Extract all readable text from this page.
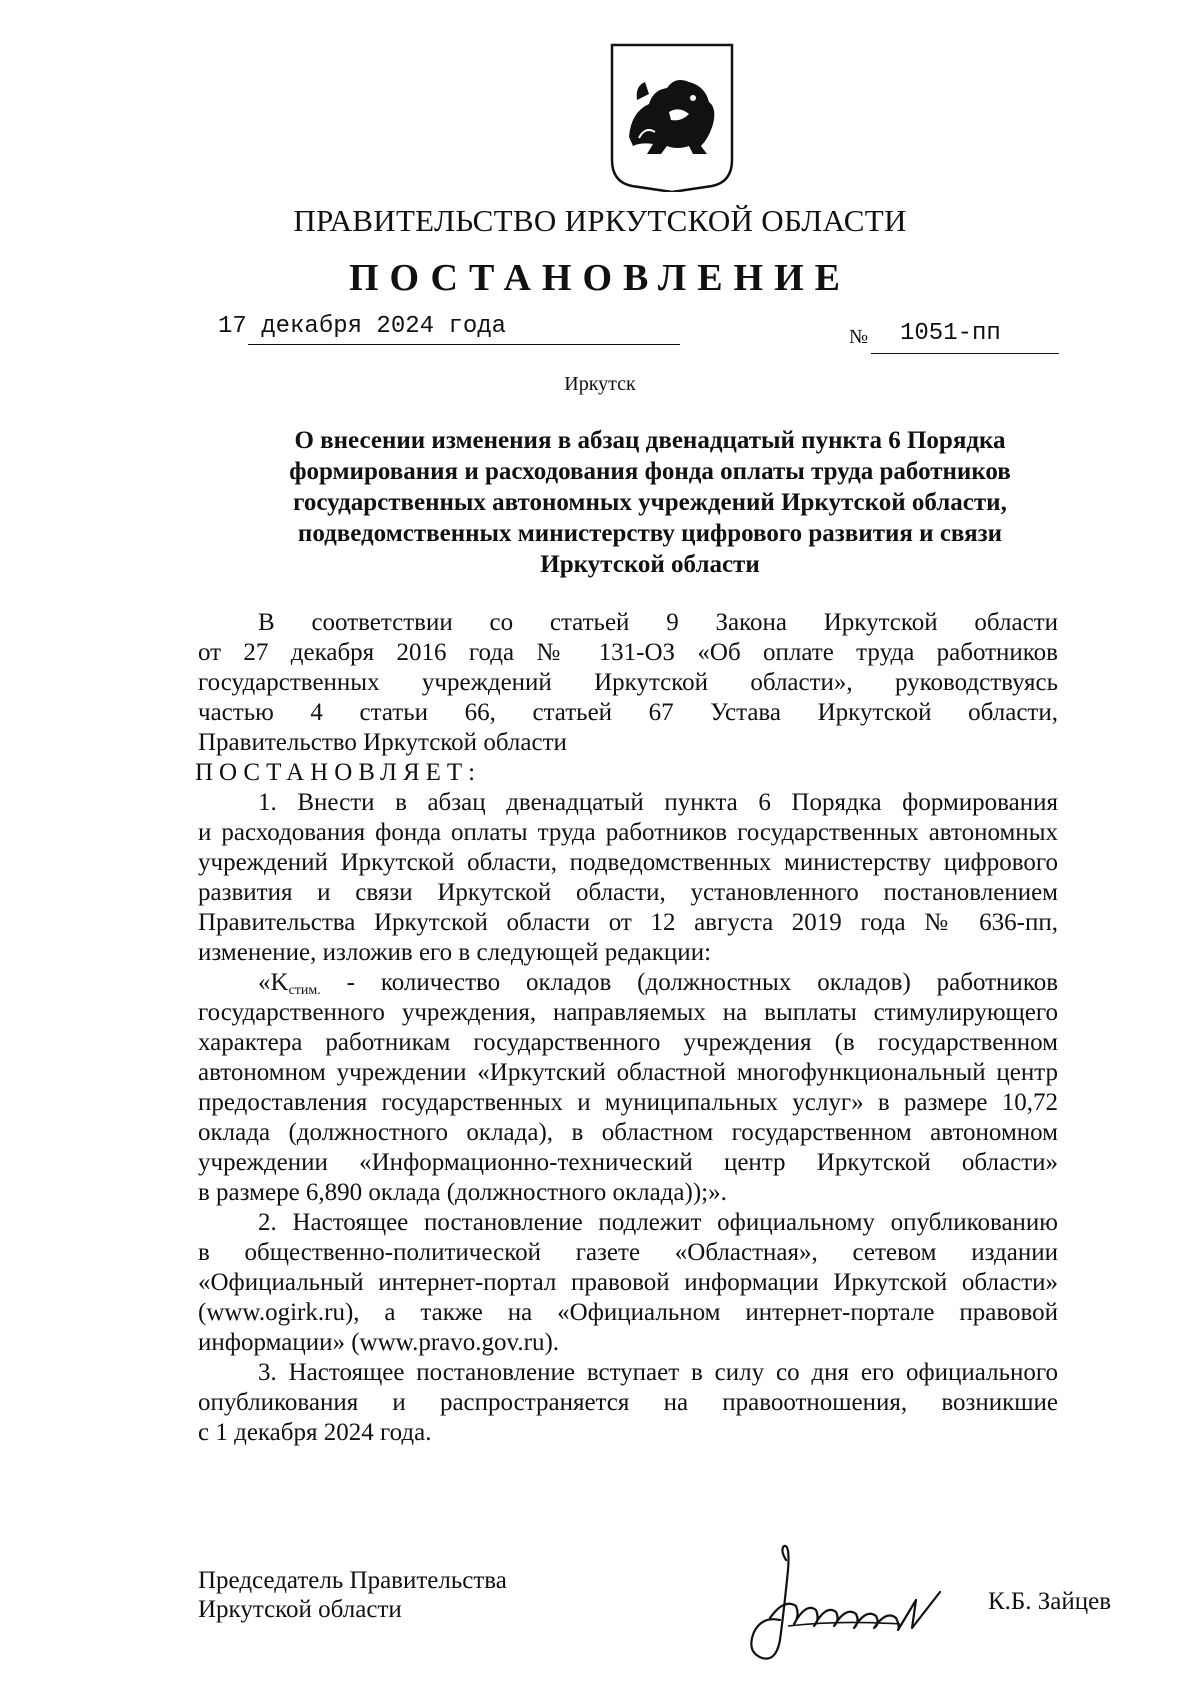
ПРАВИТЕЛЬСТВО ИРКУТСКОЙ ОБЛАСТИ
ПОСТАНОВЛЕНИЕ
17 декабря 2024 года	№ 1051-пп
Иркутск
О внесении изменения в абзац двенадцатый пункта 6 Порядка
формирования и расходования фонда оплаты труда работников
государственных автономных учреждений Иркутской области,
подведомственных министерству цифрового развития и связи
Иркутской области
В соответствии со статьей 9 Закона Иркутской области
от 27 декабря 2016 года № 131-ОЗ «Об оплате труда работников
государственных учреждений Иркутской области», руководствуясь
частью 4 статьи 66, статьей 67 Устава Иркутской области,
Правительство Иркутской области
ПОСТАНОВЛЯЕТ:
1. Внести в абзац двенадцатый пункта 6 Порядка формирования
и расходования фонда оплаты труда работников государственных автономных
учреждений Иркутской области, подведомственных министерству цифрового
развития и связи Иркутской области, установленного постановлением
Правительства Иркутской области от 12 августа 2019 года № 636-пп,
изменение, изложив его в следующей редакции:
«$K_{стим.}$ - количество окладов (должностных окладов) работников
государственного учреждения, направляемых на выплаты стимулирующего
характера работникам государственного учреждения (в государственном
автономном учреждении «Иркутский областной многофункциональный центр
предоставления государственных и муниципальных услуг» в размере 10,72
оклада (должностного оклада), в областном государственном автономном
учреждении «Информационно-технический центр Иркутской области»
в размере 6,890 оклада (должностного оклада));».
2. Настоящее постановление подлежит официальному опубликованию
в общественно-политической газете «Областная», сетевом издании
«Официальный интернет-портал правовой информации Иркутской области»
(www.ogirk.ru), а также на «Официальном интернет-портале правовой
информации» (www.pravo.gov.ru).
3. Настоящее постановление вступает в силу со дня его официального
опубликования и распространяется на правоотношения, возникшие
с 1 декабря 2024 года.
Председатель Правительства
Иркутской области	К.Б. Зайцев
